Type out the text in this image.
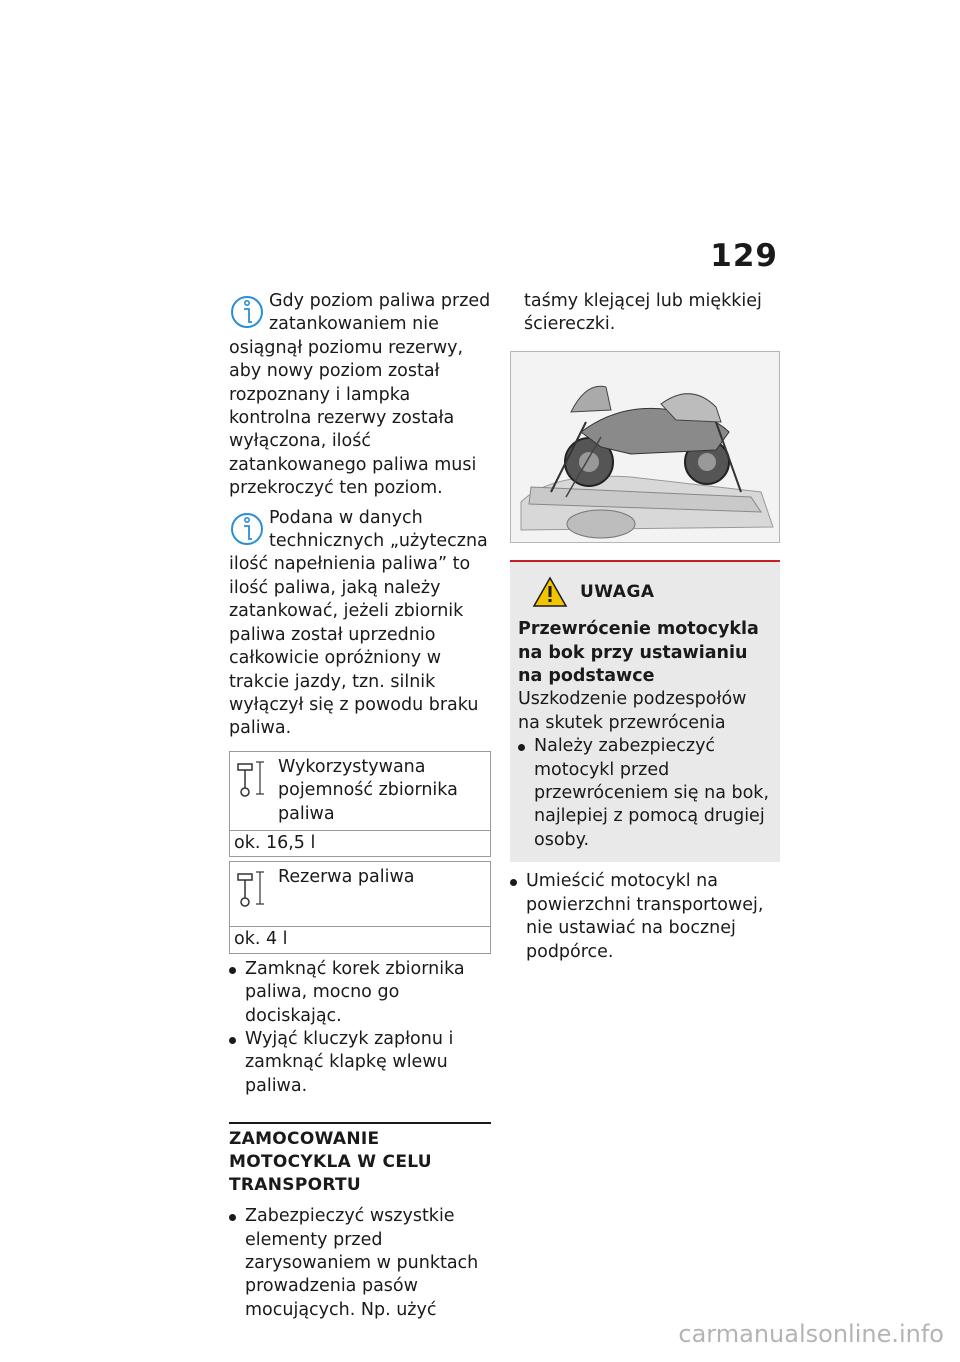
129

Gdy poziom paliwa przed zatankowaniem nie osiągnął poziomu rezerwy, aby nowy poziom został rozpoznany i lampka kontrolna rezerwy została wyłączona, ilość zatankowanego paliwa musi przekroczyć ten poziom.

Podana w danych technicznych „użyteczna ilość napełnienia paliwa” to ilość paliwa, jaką należy zatankować, jeżeli zbiornik paliwa został uprzednio całkowicie opróżniony w trakcie jazdy, tzn. silnik wyłączył się z powodu braku paliwa.

Wykorzystywana pojemność zbiornika paliwa
ok. 16,5 l
Rezerwa paliwa
ok. 4 l
Zamknąć korek zbiornika paliwa, mocno go dociskając.
Wyjąć kluczyk zapłonu i zamknąć klapkę wlewu paliwa.
ZAMOCOWANIE MOTOCYKLA W CELU TRANSPORTU
Zabezpieczyć wszystkie elementy przed zarysowaniem w punktach prowadzenia pasów mocujących. Np. użyć

taśmy klejącej lub miękkiej ściereczki.

UWAGA

Przewrócenie motocykla na bok przy ustawianiu na podstawce

Uszkodzenie podzespołów na skutek przewrócenia

Należy zabezpieczyć motocykl przed przewróceniem się na bok, najlepiej z pomocą drugiej osoby.
Umieścić motocykl na powierzchni transportowej, nie ustawiać na bocznej podpórce.
carmanualsonline.info
